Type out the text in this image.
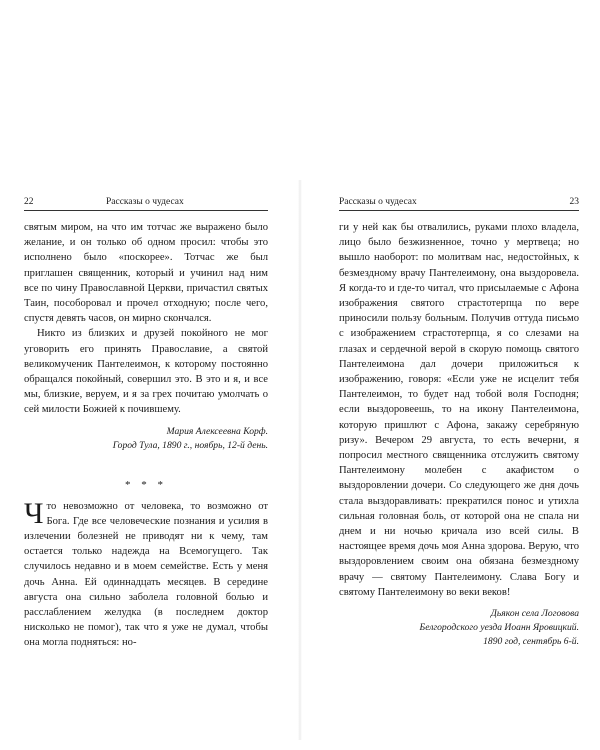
22	Рассказы о чудесах

святым миром, на что им тотчас же выражено было желание, и он только об одном просил: чтобы это исполнено было «поскорее». Тотчас же был приглашен священник, который и учинил над ним все по чину Православной Церкви, причастил святых Таин, пособоровал и прочел отходную; после чего, спустя девять часов, он мирно скончался.

Никто из близких и друзей покойного не мог уговорить его принять Православие, а святой великомученик Пантелеимон, к которому постоянно обращался покойный, совершил это. В это и я, и все мы, близкие, веруем, и я за грех почитаю умолчать о сей милости Божией к почившему.

Мария Алексеевна Корф.
Город Тула, 1890 г., ноябрь, 12-й день.
* * *

Что невозможно от человека, то возможно от Бога. Где все человеческие познания и усилия в излечении болезней не приводят ни к чему, там остается только надежда на Всемогущего. Так случилось недавно и в моем семействе. Есть у меня дочь Анна. Ей одиннадцать месяцев. В середине августа она сильно заболела головной болью и расслаблением желудка (в последнем доктор нисколько не помог), так что я уже не думал, чтобы она могла подняться: но-

Рассказы о чудесах	23

ги у ней как бы отвалились, руками плохо владела, лицо было безжизненное, точно у мертвеца; но вышло наоборот: по молитвам нас, недостойных, к безмездному врачу Пантелеимону, она выздоровела. Я когда-то и где-то читал, что присылаемые с Афона изображения святого страстотерпца по вере приносили пользу больным. Получив оттуда письмо с изображением страстотерпца, я со слезами на глазах и сердечной верой в скорую помощь святого Пантелеимона дал дочери приложиться к изображению, говоря: «Если уже не исцелит тебя Пантелеимон, то будет над тобой воля Господня; если выздоровеешь, то на икону Пантелеимона, которую пришлют с Афона, закажу серебряную ризу». Вечером 29 августа, то есть вечерни, я попросил местного священника отслужить святому Пантелеимону молебен с акафистом о выздоровлении дочери. Со следующего же дня дочь стала выздоравливать: прекратился понос и утихла сильная головная боль, от которой она не спала ни днем и ни ночью кричала изо всей силы. В настоящее время дочь моя Анна здорова. Верую, что выздоровлением своим она обязана безмездному врачу — святому Пантелеимону. Слава Богу и святому Пантелеимону во веки веков!

Дьякон села Логовова
Белгородского уезда Иоанн Яровицкий.
1890 год, сентябрь 6-й.
